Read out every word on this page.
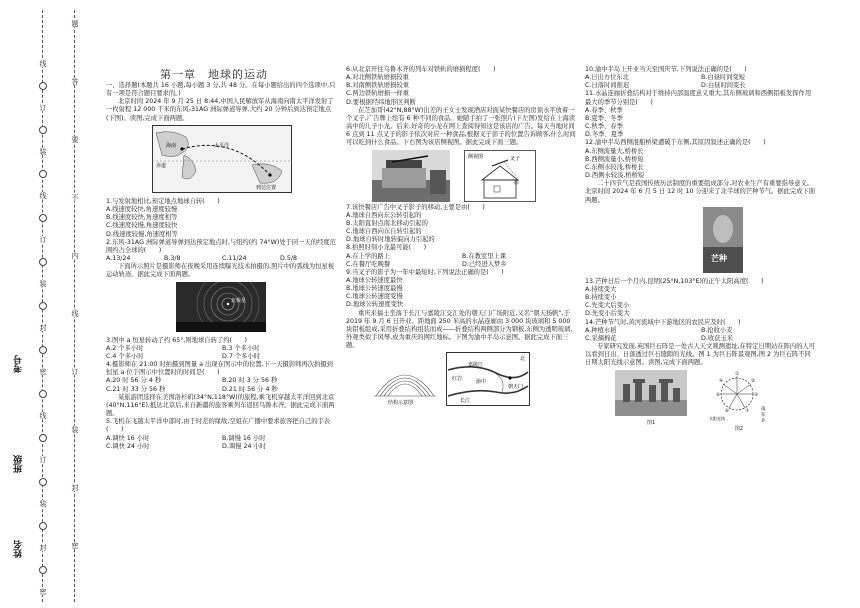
线
订
装
线
订
装
封
密
线
订
装
封
密
题
答
要
不
内
线
订
装
封
密
考号
班级
姓名
第一章　地球的运动

一、选择题(本题共 16 小题,每小题 3 分,共 48 分。在每小题给出的四个选项中,只有一项是符合题目要求的。)

北京时间 2024 年 9 月 25 日 8:44,中国人民解放军从海南向南太平洋发射了一枚射程 12 000 千米的东风-31AG 洲际弹道导弹,大约 20 分钟后到达预定地点(下图)。读图,完成下面两题。

太平洋
海南
赤道
到达位置

1.与发射地相比,预定地点地球自转(　　)

A.线速度较快,角速度较慢

B.线速度较快,角速度相等

C.线速度较慢,角速度较快

D.线速度较慢,角速度相等

2.东风-31AG 洲际弹道导弹到达预定地点时,与纽约(约 74°W)处于同一天的经度范围约占全球的(　　)

A.13/24	B.3/8	C.11/24	D.5/8

下面所示照片是摄影师在夜晚采用连续曝光技术拍摄的,照片中的弧线为恒星视运动轨迹。据此完成下面两题。

北极星

3.图中 a 恒星转动了约 65°,则地球自转了约(　　)

A.2 个多小时	B.3 个多小时
C.4 个多小时	D.7 个多小时

4.摄影师在 21:00 时拍摄到图量 a 出现在图示中的位置,下一天摄影师再次拍摄到恒星 a 位于图示中位置时的时间是(　　)

A.20 时 56 分 4 秒	B.20 时 3 分 56 秒
C.21 时 33 分 56 秒	D.21 时 56 分 4 秒

某旅游团选择在美国洛杉矶(34°N,118°W)的旅程,乘飞机穿越太平洋回到北京(40°N,116°E),抵达北京后,来自新疆的旅客乘列车返回乌鲁木齐。据此完成下面两题。

5.飞机在飞越太平洋中部时,由于时差的缘故,空姐在广播中要求旅客把自己的手表(　　)

A.调快 16 小时	B.调慢 16 小时
C.调快 24 小时	D.调慢 24 小时

6.从北京开往乌鲁木齐的列车对铁轨的磨损程度(　　)

A.对北侧铁轨磨损较重

B.对南侧铁轨磨损较重

C.两边铁轨磨损一样重

D.要根据经纬地形区判断

在芝加哥(42°N,88°W)出差的王女士发现酒店对面某快餐店的房顶水平放着一个叉子,广告牌上绘有 6 种不同的食品。她随手拍了一张照片(下左图)发给在上海读高中的儿子小龙。后来,好奇的小龙在网上查阅得知这是该店的广告。每天当地时间 6 点到 11 点叉子的影子依次对应一种食品,根据叉子影子的位置告诉顾客,什么时间可以吃到什么食品。下右图为该店侧视图。据此完成下面三题。

侧视图	叉子
影

7.该快餐店广告中叉子影子的移动,主要是由(　　)

A.地球自西向东公转引起的

B.太阳直射点南北移动引起的

C.地球自西向东自转引起的

D.地球自转时地转偏向力引起的

8.拍照时刻小龙最可能(　　)

A.在上学的路上	B.在教室里上课
C.在餐厅吃晚餐	D.已经进入梦乡

9.当叉子的影子为一年中最短时,下列说法正确的是(　　)

A.地球公转速度最快

B.地球公转速度最慢

C.地球公转速度变慢

D.地球公转速度变快

重庆来福士坐落于长江与嘉陵江交汇处的朝天门广场附近,又名“朝天扬帆”,于 2019 年 9 月 6 日开业。距地面 250 米高的水晶连廊由 3 000 块玻璃和 5 000 块铝板组成,采用折叠结构组装而成——折叠结构两侧部分为钢板,东侧为透明玻璃,外观类似手风琴,成为重庆的网红地标。下图为渝中半岛示意图。据此完成下面三题。

结构示意图
北
嘉陵江
长江
渝中
红岩
朝天门

10.渝中半岛上开业当天至国庆节,下列说法正确的是(　　)

A.日出方位东北	B.白昼时间变短
C.日落时间推迟	D.白昼时间变长

11.水晶连廊折叠结构对于维持内部温度意义重大,其东侧玻璃和西侧铝板发挥作用最大的季节分别是(　　)

A.春季、秋季

B.夏季、冬季

C.秋季、春季

D.冬季、夏季

12.渝中半岛西侧混船桥梁遭破于东侧,其原因叙述正确的是(　　)

A.东侧流量大,桥桥长

B.西侧流量小,桥桥短

C.东侧水较浅,桥桥长

D.西侧水较浅,桥桥短

二十四节气是我国传统历法制度的重要组成部分,对农业生产有重要指导意义。北京时间 2024 年 6 月 5 日 12 时 10 分迎来了北半球的芒种节气。据此完成下面两题。

芒种

13.芒种日后一个月内,昆明(25°N,103°E)的正午太阳高度(　　)

A.持续变大

B.持续变小

C.先变大后变小

D.先变小后变大

14.芒种节气时,黄河流域中下游地区的农民应及时(　　)

A.种植水稻	B.抢收小麦
C.采摘棉花	D.收获玉米

专家研究发现,英国巨石阵是一处古人天文观测遗址,在特定日期站在阵内的人可以看到日出、日落透过巨石缝隙的光线。图 1 为巨石阵景观图,图 2 为巨石阵不同日期太阳光线示意图。读图,完成下面两题。

图1
①
②
③
④
⑤
⑥	⑦
太阳光线
南
东
北
图2
